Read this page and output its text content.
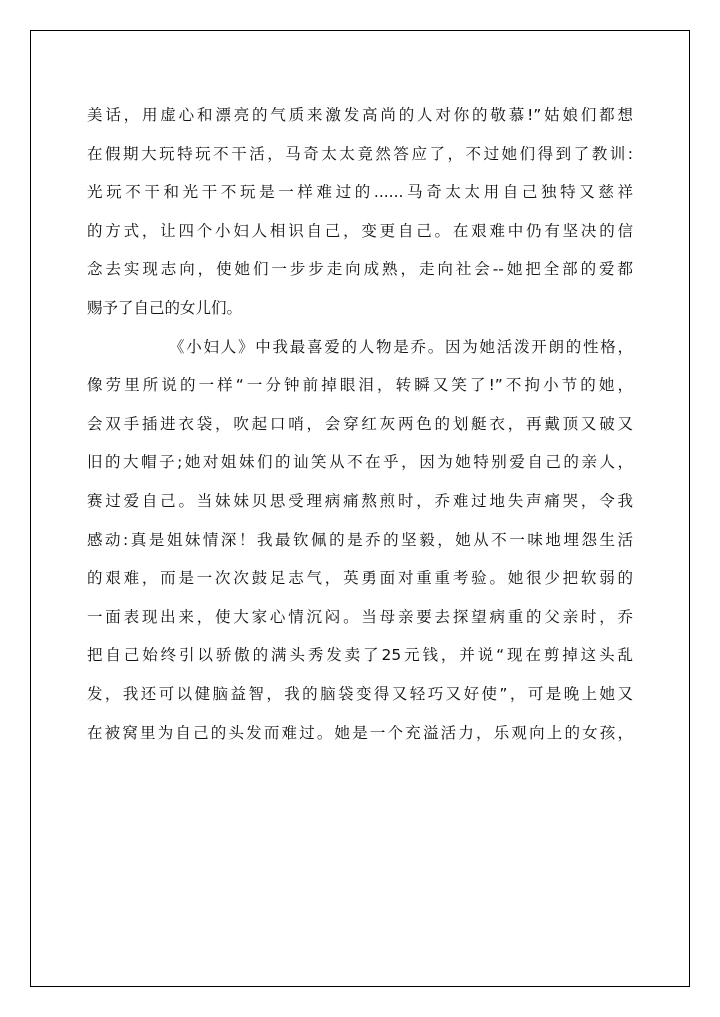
美话，用虚心和漂亮的气质来激发高尚的人对你的敬慕!”姑娘们都想
在假期大玩特玩不干活，马奇太太竟然答应了，不过她们得到了教训:
光玩不干和光干不玩是一样难过的......马奇太太用自己独特又慈祥
的方式，让四个小妇人相识自己，变更自己。在艰难中仍有坚决的信
念去实现志向，使她们一步步走向成熟，走向社会--她把全部的爱都
赐予了自己的女儿们。
《小妇人》中我最喜爱的人物是乔。因为她活泼开朗的性格，
像劳里所说的一样“一分钟前掉眼泪，转瞬又笑了!”不拘小节的她，
会双手插进衣袋，吹起口哨，会穿红灰两色的划艇衣，再戴顶又破又
旧的大帽子;她对姐妹们的讪笑从不在乎，因为她特别爱自己的亲人，
赛过爱自己。当妹妹贝思受理病痛熬煎时，乔难过地失声痛哭，令我
感动:真是姐妹情深！我最钦佩的是乔的坚毅，她从不一味地埋怨生活
的艰难，而是一次次鼓足志气，英勇面对重重考验。她很少把软弱的
一面表现出来，使大家心情沉闷。当母亲要去探望病重的父亲时，乔
把自己始终引以骄傲的满头秀发卖了25元钱，并说“现在剪掉这头乱
发，我还可以健脑益智，我的脑袋变得又轻巧又好使”，可是晚上她又
在被窝里为自己的头发而难过。她是一个充溢活力，乐观向上的女孩，
